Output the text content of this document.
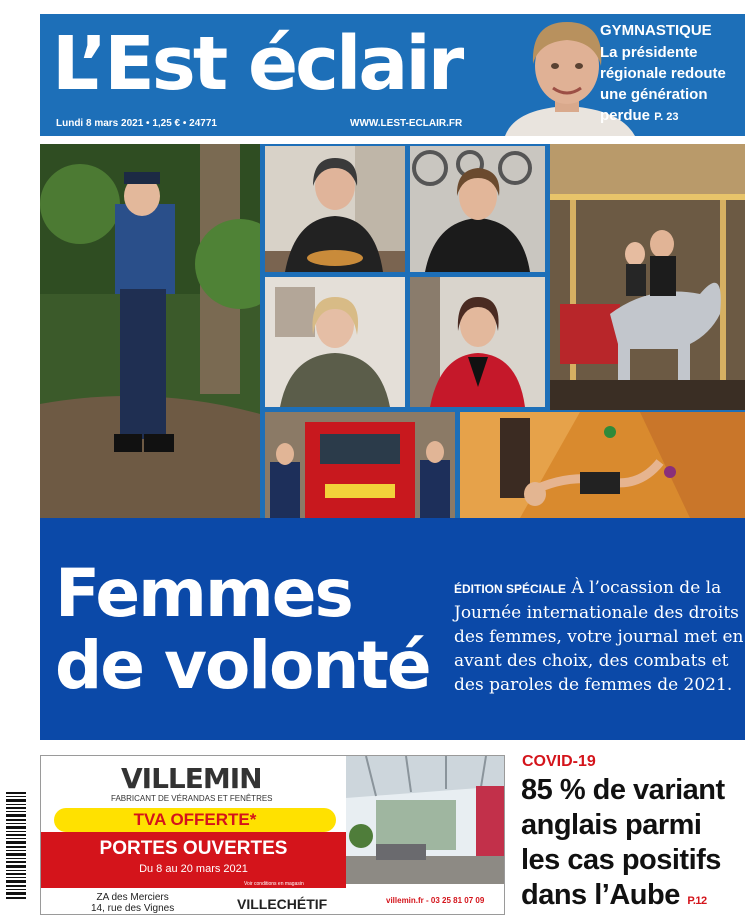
L’Est éclair
Lundi 8 mars 2021 • 1,25 € • 24771	WWW.LEST-ECLAIR.FR
GYMNASTIQUE
La présidente régionale redoute une génération perdue P. 23
Femmes de volonté
ÉDITION SPÉCIALE À l’ocassion de la Journée internationale des droits des femmes, votre journal met en avant des choix, des combats et des paroles de femmes de 2021.
VILLEMIN
FABRICANT DE VÉRANDAS ET FENÊTRES
TVA OFFERTE*
PORTES OUVERTES
Du 8 au 20 mars 2021
Voir conditions en magasin
ZA des Merciers
14, rue des Vignes	VILLECHÉTIF	villemin.fr - 03 25 81 07 09
COVID-19
85 % de variant anglais parmi les cas positifs dans l’Aube P.12
